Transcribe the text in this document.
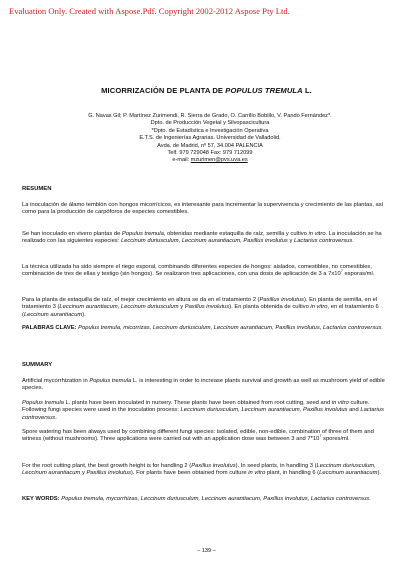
Evaluation Only. Created with Aspose.Pdf. Copyright 2002-2012 Aspose Pty Ltd.
MICORRIZACIÓN DE PLANTA DE POPULUS TREMULA L.
G. Navas Gil; P. Martínez Zurimendi, R. Sierra de Grado, O. Carrillo Bobillo, V. Pando Fernández*.
Dpto. de Producción Vegetal y Silvopascicultura
*Dpto. de Estadística e Investigación Operativa
E.T.S. de Ingenierías Agrarias. Universidad de Valladolid.
Avda. de Madrid, nº 57, 34.004 PALENCIA
Telf. 979 729048 Fax: 979 712099
e-mail: mzurimen@pvs.uva.es
RESUMEN
La inoculación de álamo temblón con hongos micorrícicos, es interesante para incrementar la supervivencia y crecimiento de las plantas, así como para la producción de carpóforos de especies comestibles.
Se han inoculado en vivero plantas de Populus tremula, obtenidas mediante estaquilla de raíz, semilla y cultivo in vitro. La inoculación se ha realizado con las siguientes especies: Leccinum duriusculum, Leccinum aurantiacum, Paxillus involutus y Lactarius controversus.
La técnica utilizada ha sido siempre el riego esporal, combinando diferentes especies de hongos: aislados, comestibles, no comestibles, combinación de tres de ellas y testigo (sin hongos). Se realizaron tres aplicaciones, con una dosis de aplicación de 3 a $7x10^7$ esporas/ml.
Para la planta de estaquilla de raíz, el mejor crecimiento en altura se da en el tratamiento 2 (Paxillus involutus). En planta de semilla, en el tratamiento 3 (Leccinum aurantiacum, Leccinum duriusculum y Paxillus involutus). En planta obtenida de cultivo in vitro, en el tratamiento 6 (Leccinum aurantiacum).
PALABRAS CLAVE: Populus tremula, micorrizas, Leccinum duriusculum, Leccinum aurantiacum, Paxillus involutus, Lactarius controversus.
SUMMARY
Artificial mycorrhization in Populus tremula L. is interesting in order to increase plants survival and growth as well as mushroom yield of edible species.
Populus tremula L. plants have been inoculated in nursery. These plants have been obtained from root cutting, seed and in vitro culture. Following fungi species were used in the inoculation process: Leccinum duriusculum, Leccinum aurantiacum, Paxillus involutus and Lactarius controversus.
Spore watering has been always used by combining different fungi species: isolated, edible, non-edible, combination of three of them and witness (without mushrooms). Three applications were carried out with an application dose was between 3 and $7*10^7$ spores/ml.
For the root cutting plant, the best growth height is for handling 2 (Paxillus involutus). In seed plants, in handling 3 (Leccinum duriusculum, Leccinum aurantiacum y Paxillus involutus). For plants have been obtained from culture in vitro plant, in handling 6 (Leccinum aurantiacum).
KEY WORDS: Populus tremula, mycorrhizas, Leccinum duriusculum, Leccinum aurantiacum, Paxillus involutus, Lactarius controversus.
– 139 –
